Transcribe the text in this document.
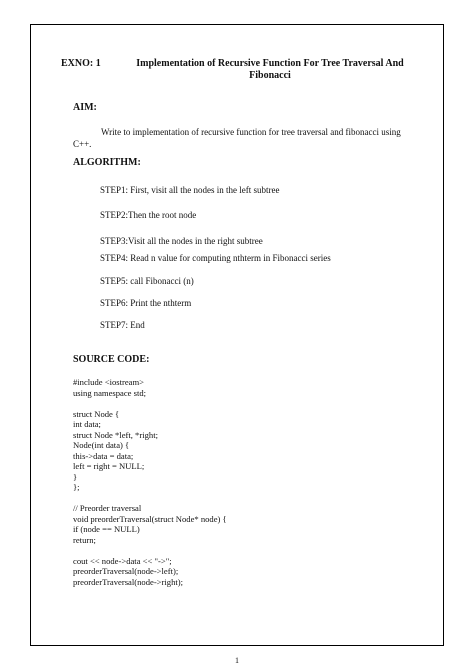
EXNO: 1	Implementation of Recursive Function For Tree Traversal And Fibonacci
AIM:
Write to implementation of recursive function for tree traversal and fibonacci using C++.
ALGORITHM:
STEP1: First, visit all the nodes in the left subtree
STEP2:Then the root node
STEP3:Visit all the nodes in the right subtree
STEP4: Read n value for computing nthterm in Fibonacci series
STEP5: call Fibonacci (n)
STEP6: Print the nthterm
STEP7: End
SOURCE CODE:
#include <iostream>
using namespace std;
struct Node {
int data;
struct Node *left, *right;
Node(int data) {
this->data = data;
left = right = NULL;
}
};
// Preorder traversal
void preorderTraversal(struct Node* node) {
if (node == NULL)
return;
cout << node->data << "->";
preorderTraversal(node->left);
preorderTraversal(node->right);
1
